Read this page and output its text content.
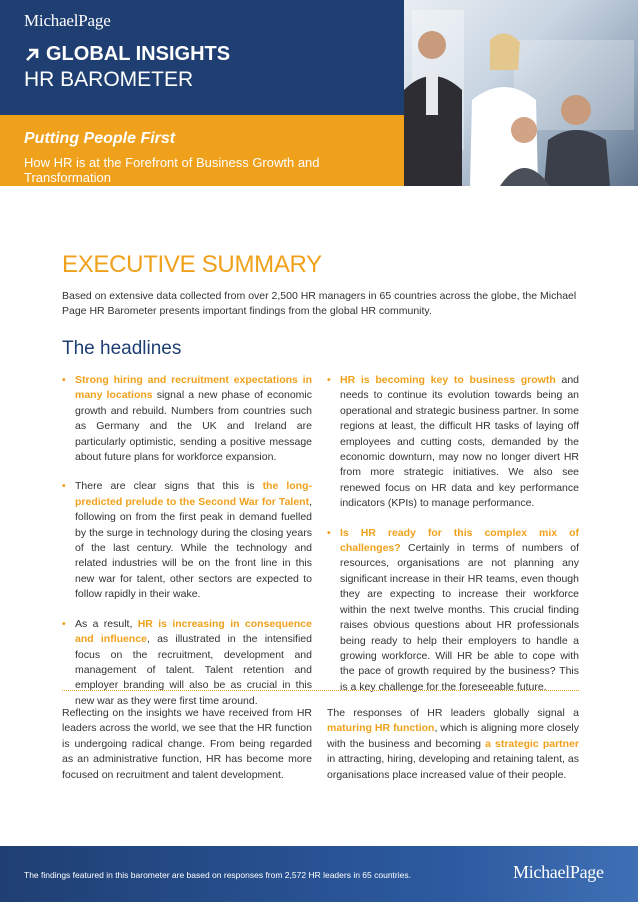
MichaelPage
GLOBAL INSIGHTS
HR BAROMETER
Putting People First
How HR is at the Forefront of Business Growth and Transformation
EXECUTIVE SUMMARY
Based on extensive data collected from over 2,500 HR managers in 65 countries across the globe, the Michael Page HR Barometer presents important findings from the global HR community.
The headlines
• Strong hiring and recruitment expectations in many locations signal a new phase of economic growth and rebuild. Numbers from countries such as Germany and the UK and Ireland are particularly optimistic, sending a positive message about future plans for workforce expansion.
• There are clear signs that this is the long-predicted prelude to the Second War for Talent, following on from the first peak in demand fuelled by the surge in technology during the closing years of the last century. While the technology and related industries will be on the front line in this new war for talent, other sectors are expected to follow rapidly in their wake.
• As a result, HR is increasing in consequence and influence, as illustrated in the intensified focus on the recruitment, development and management of talent. Talent retention and employer branding will also be as crucial in this new war as they were first time around.
• HR is becoming key to business growth and needs to continue its evolution towards being an operational and strategic business partner. In some regions at least, the difficult HR tasks of laying off employees and cutting costs, demanded by the economic downturn, may now no longer divert HR from more strategic initiatives. We also see renewed focus on HR data and key performance indicators (KPIs) to manage performance.
• Is HR ready for this complex mix of challenges? Certainly in terms of numbers of resources, organisations are not planning any significant increase in their HR teams, even though they are expecting to increase their workforce within the next twelve months. This crucial finding raises obvious questions about HR professionals being ready to help their employers to handle a growing workforce. Will HR be able to cope with the pace of growth required by the business? This is a key challenge for the foreseeable future.
Reflecting on the insights we have received from HR leaders across the world, we see that the HR function is undergoing radical change. From being regarded as an administrative function, HR has become more focused on recruitment and talent development.
The responses of HR leaders globally signal a maturing HR function, which is aligning more closely with the business and becoming a strategic partner in attracting, hiring, developing and retaining talent, as organisations place increased value of their people.
The findings featured in this barometer are based on responses from 2,572 HR leaders in 65 countries.	MichaelPage
